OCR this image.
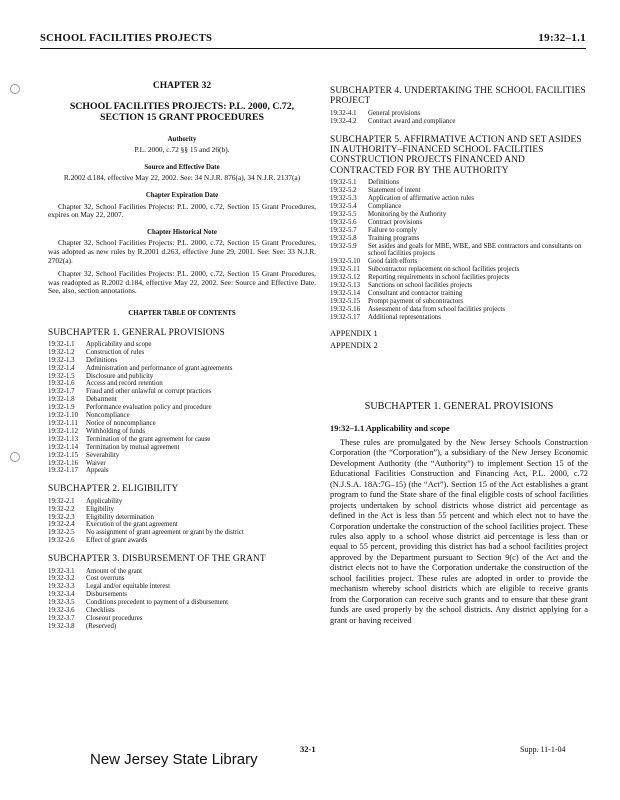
SCHOOL FACILITIES PROJECTS	19:32–1.1
CHAPTER 32
SCHOOL FACILITIES PROJECTS: P.L. 2000, C.72, SECTION 15 GRANT PROCEDURES
Authority
P.L. 2000, c.72 §§ 15 and 26(b).
Source and Effective Date
R.2002 d.184, effective May 22, 2002. See: 34 N.J.R. 876(a), 34 N.J.R. 2137(a)
Chapter Expiration Date
Chapter 32, School Facilities Projects: P.L. 2000, c.72, Section 15 Grant Procedures, expires on May 22, 2007.
Chapter Historical Note
Chapter 32, School Facilities Projects: P.L. 2000, c.72, Section 15 Grant Procedures, was adopted as new rules by R.2001 d.263, effective June 29, 2001. See: See: 33 N.J.R. 2702(a).
Chapter 32, School Facilities Projects: P.L. 2000, c.72, Section 15 Grant Procedures, was readopted as R.2002 d.184, effective May 22, 2002. See: Source and Effective Date. See, also, section annotations.
CHAPTER TABLE OF CONTENTS
SUBCHAPTER 1. GENERAL PROVISIONS
19:32-1.1	Applicability and scope
19:32-1.2	Construction of rules
19:32-1.3	Definitions
19:32-1.4	Administration and performance of grant agreements
19:32-1.5	Disclosure and publicity
19:32-1.6	Access and record retention
19:32-1.7	Fraud and other unlawful or corrupt practices
19:32-1.8	Debarment
19:32-1.9	Performance evaluation policy and procedure
19:32-1.10	Noncompliance
19:32-1.11	Notice of noncompliance
19:32-1.12	Withholding of funds
19:32-1.13	Termination of the grant agreement for cause
19:32-1.14	Termination by mutual agreement
19:32-1.15	Severability
19:32-1.16	Waiver
19:32-1.17	Appeals
SUBCHAPTER 2. ELIGIBILITY
19:32-2.1	Applicability
19:32-2.2	Eligibility
19:32-2.3	Eligibility determination
19:32-2.4	Execution of the grant agreement
19:32-2.5	No assignment of grant agreement or grant by the district
19:32-2.6	Effect of grant awards
SUBCHAPTER 3. DISBURSEMENT OF THE GRANT
19:32-3.1	Amount of the grant
19:32-3.2	Cost overruns
19:32-3.3	Legal and/or equitable interest
19:32-3.4	Disbursements
19:32-3.5	Conditions precedent to payment of a disbursement
19:32-3.6	Checklists
19:32-3.7	Closeout procedures
19:32-3.8	(Reserved)
SUBCHAPTER 4. UNDERTAKING THE SCHOOL FACILITIES PROJECT
19:32-4.1	General provisions
19:32-4.2	Contract award and compliance
SUBCHAPTER 5. AFFIRMATIVE ACTION AND SET ASIDES IN AUTHORITY–FINANCED SCHOOL FACILITIES CONSTRUCTION PROJECTS FINANCED AND CONTRACTED FOR BY THE AUTHORITY
19:32-5.1	Definitions
19:32-5.2	Statement of intent
19:32-5.3	Application of affirmative action rules
19:32-5.4	Compliance
19:32-5.5	Monitoring by the Authority
19:32-5.6	Contract provisions
19:32-5.7	Failure to comply
19:32-5.8	Training programs
19:32-5.9	Set asides and goals for MBE, WBE, and SBE contractors and consultants on school facilities projects
19:32-5.10	Good faith efforts
19:32-5.11	Subcontractor replacement on school facilities projects
19:32-5.12	Reporting requirements in school facilities projects
19:32-5.13	Sanctions on school facilities projects
19:32-5.14	Consultant and contractor training
19:32-5.15	Prompt payment of subcontractors
19:32-5.16	Assessment of data from school facilities projects
19:32-5.17	Additional representations
APPENDIX 1
APPENDIX 2
SUBCHAPTER 1. GENERAL PROVISIONS
19:32–1.1 Applicability and scope
These rules are promulgated by the New Jersey Schools Construction Corporation (the “Corporation”), a subsidiary of the New Jersey Economic Development Authority (the “Authority”) to implement Section 15 of the Educational Facilities Construction and Financing Act, P.L. 2000, c.72 (N.J.S.A. 18A:7G–15) (the “Act”). Section 15 of the Act establishes a grant program to fund the State share of the final eligible costs of school facilities projects undertaken by school districts whose district aid percentage as defined in the Act is less than 55 percent and which elect not to have the Corporation undertake the construction of the school facilities project. These rules also apply to a school whose district aid percentage is less than or equal to 55 percent, providing this district has had a school facilities project approved by the Department pursuant to Section 9(c) of the Act and the district elects not to have the Corporation undertake the construction of the school facilities project. These rules are adopted in order to provide the mechanism whereby school districts which are eligible to receive grants from the Corporation can receive such grants and to ensure that these grant funds are used properly by the school districts. Any district applying for a grant or having received
32-1	Supp. 11-1-04
New Jersey State Library
